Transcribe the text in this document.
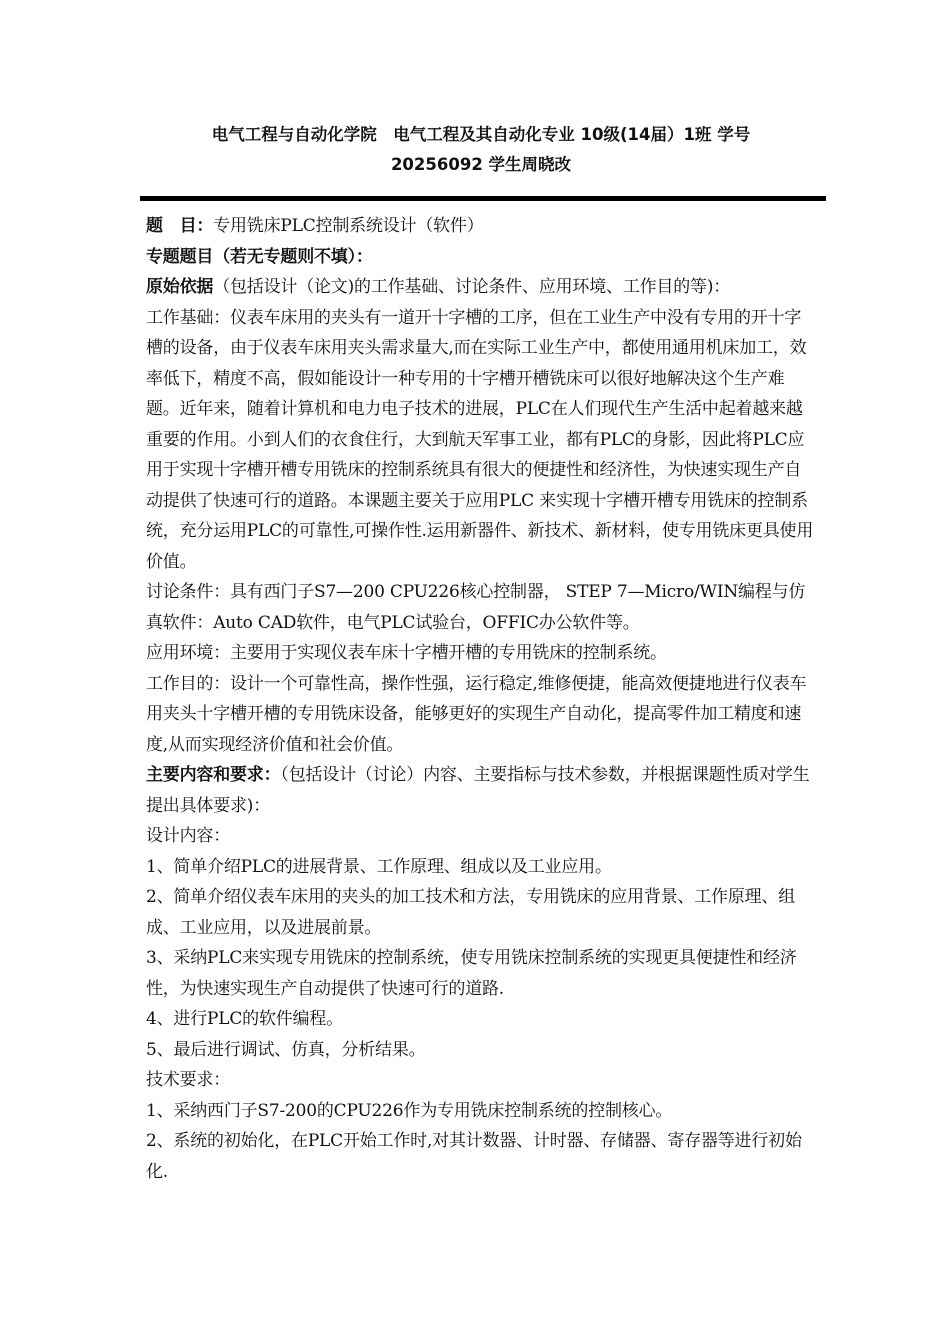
电气工程与自动化学院　电气工程及其自动化专业 10级(14届）1班 学号
20256092 学生周晓改

题　目：专用铣床PLC控制系统设计（软件）

专题题目（若无专题则不填）：

原始依据（包括设计（论文)的工作基础、讨论条件、应用环境、工作目的等)：

工作基础：仪表车床用的夹头有一道开十字槽的工序，但在工业生产中没有专用的开十字槽的设备，由于仪表车床用夹头需求量大,而在实际工业生产中，都使用通用机床加工，效率低下，精度不高，假如能设计一种专用的十字槽开槽铣床可以很好地解决这个生产难题。近年来，随着计算机和电力电子技术的进展，PLC在人们现代生产生活中起着越来越重要的作用。小到人们的衣食住行，大到航天军事工业，都有PLC的身影，因此将PLC应用于实现十字槽开槽专用铣床的控制系统具有很大的便捷性和经济性，为快速实现生产自动提供了快速可行的道路。本课题主要关于应用PLC 来实现十字槽开槽专用铣床的控制系统，充分运用PLC的可靠性,可操作性.运用新器件、新技术、新材料，使专用铣床更具使用价值。

讨论条件：具有西门子S7—200 CPU226核心控制器， STEP 7—Micro/WIN编程与仿真软件：Auto CAD软件，电气PLC试验台，OFFIC办公软件等。

应用环境：主要用于实现仪表车床十字槽开槽的专用铣床的控制系统。

工作目的：设计一个可靠性高，操作性强，运行稳定,维修便捷，能高效便捷地进行仪表车用夹头十字槽开槽的专用铣床设备，能够更好的实现生产自动化，提高零件加工精度和速度,从而实现经济价值和社会价值。

主要内容和要求：（包括设计（讨论）内容、主要指标与技术参数，并根据课题性质对学生提出具体要求)：

设计内容：

1、简单介绍PLC的进展背景、工作原理、组成以及工业应用。

2、简单介绍仪表车床用的夹头的加工技术和方法，专用铣床的应用背景、工作原理、组成、工业应用，以及进展前景。

3、采纳PLC来实现专用铣床的控制系统，使专用铣床控制系统的实现更具便捷性和经济性，为快速实现生产自动提供了快速可行的道路.

4、进行PLC的软件编程。

5、最后进行调试、仿真，分析结果。

技术要求：

1、采纳西门子S7-200的CPU226作为专用铣床控制系统的控制核心。

2、系统的初始化，在PLC开始工作时,对其计数器、计时器、存储器、寄存器等进行初始化.
